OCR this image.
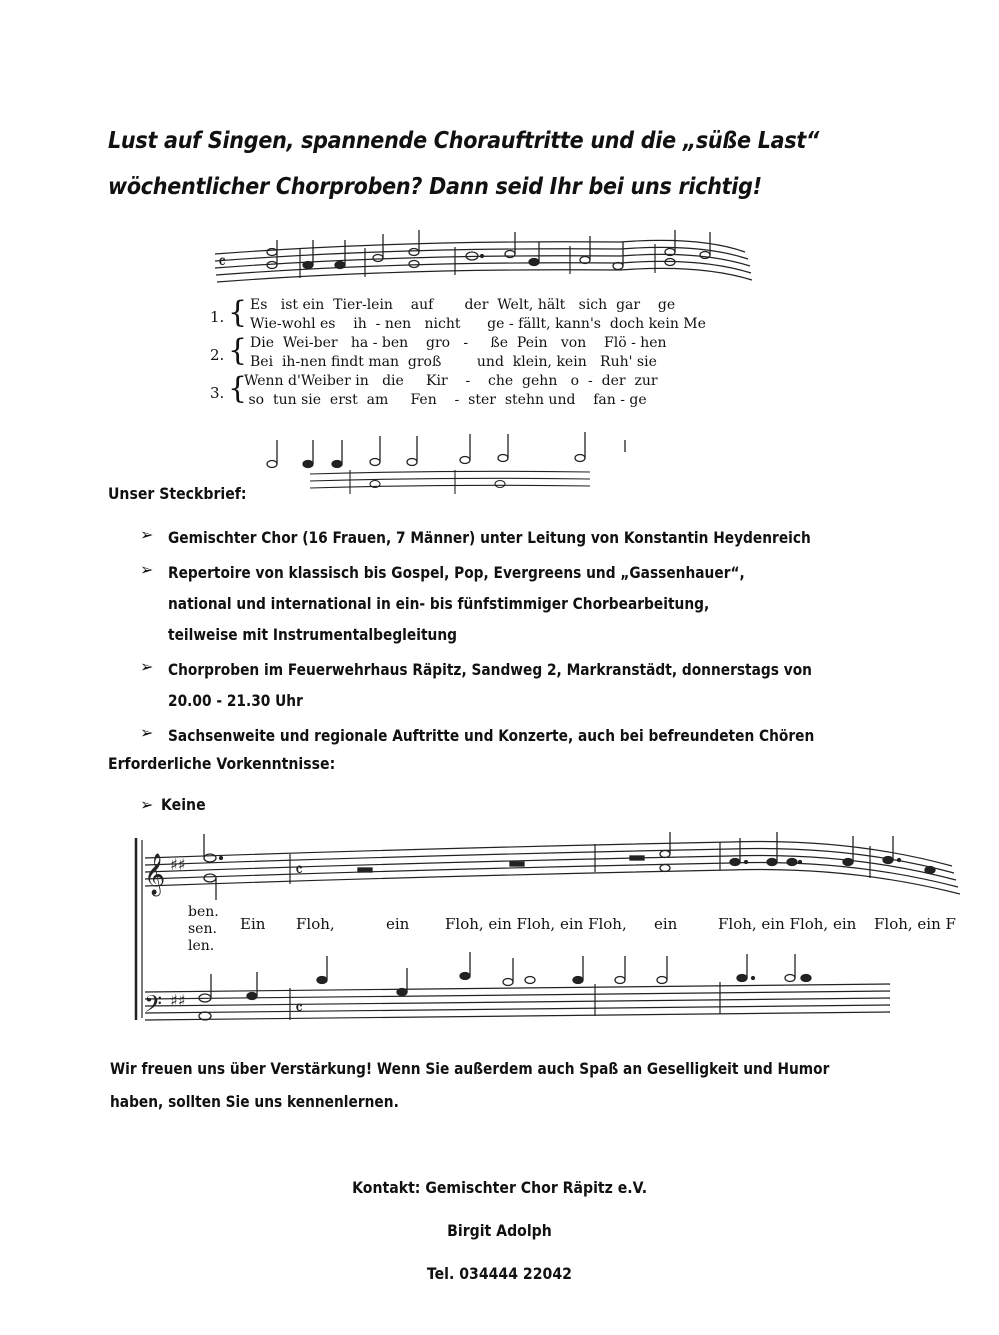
Lust auf Singen, spannende Chorauftritte und die „süße Last“
wöchentlicher Chorproben? Dann seid Ihr bei uns richtig!
𝄴
1. { Es   ist ein  Tier-lein    auf       der  Welt, hält   sich  gar    ge
Wie-wohl es    ih  - nen   nicht      ge - fällt, kann's  doch kein Me
2. { Die  Wei-ber   ha - ben    gro   -     ße  Pein   von    Flö - hen
Bei  ih-nen findt man  groß        und  klein, kein   Ruh' sie
3. {
Wenn d'Weiber in   die     Kir    -    che  gehn   o  -  der  zur
so  tun sie  erst  am     Fen    -  ster  stehn und    fan - ge
Unser Steckbrief:
➢ Gemischter Chor (16 Frauen, 7 Männer) unter Leitung von Konstantin Heydenreich
➢ Repertoire von klassisch bis Gospel, Pop, Evergreens und „Gassenhauer“, national und international in ein- bis fünfstimmiger Chorbearbeitung, teilweise mit Instrumentalbegleitung
➢ Chorproben im Feuerwehrhaus Räpitz, Sandweg 2, Markranstädt, donnerstags von 20.00 - 21.30 Uhr
➢ Sachsenweite und regionale Auftritte und Konzerte, auch bei befreundeten Chören
Erforderliche Vorkenntnisse:
➢ Keine
𝄞 ♯♯	𝄴
𝄢 ♯♯	𝄴
ben.
sen.
len.
Ein Floh,	ein Floh, ein Floh, ein Floh, ein	Floh, ein Floh, ein Floh, ein F
Wir freuen uns über Verstärkung! Wenn Sie außerdem auch Spaß an Geselligkeit und Humor
haben, sollten Sie uns kennenlernen.
Kontakt: Gemischter Chor Räpitz e.V.
Birgit Adolph
Tel. 034444 22042
